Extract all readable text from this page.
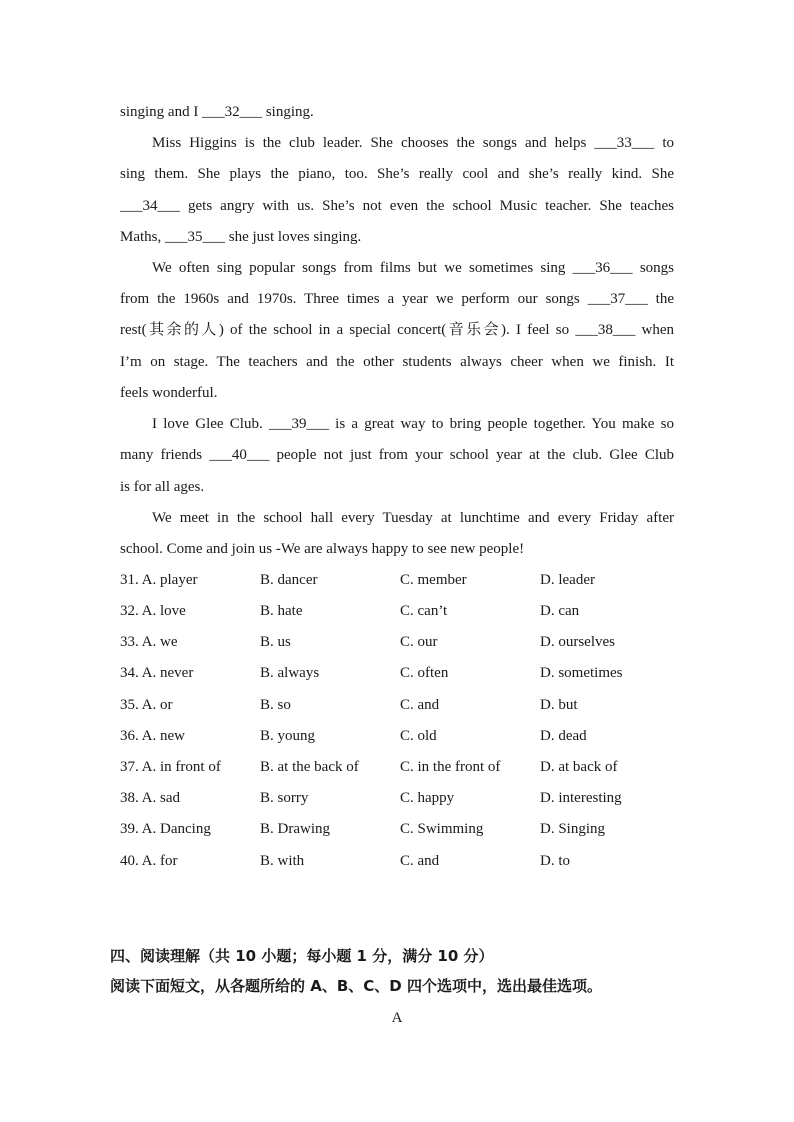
singing and I ___32___ singing.
Miss Higgins is the club leader. She chooses the songs and helps ___33___ to
sing them. She plays the piano, too. She’s really cool and she’s really kind. She
___34___ gets angry with us. She’s not even the school Music teacher. She teaches
Maths, ___35___ she just loves singing.
We often sing popular songs from films but we sometimes sing ___36___ songs
from the 1960s and 1970s. Three times a year we perform our songs ___37___ the
rest(其余的人) of the school in a special concert(音乐会). I feel so ___38___ when
I’m on stage. The teachers and the other students always cheer when we finish. It
feels wonderful.
I love Glee Club. ___39___ is a great way to bring people together. You make so
many friends ___40___ people not just from your school year at the club. Glee Club
is for all ages.
We meet in the school hall every Tuesday at lunchtime and every Friday after
school. Come and join us -We are always happy to see new people!
31. A. player	B. dancer	C. member	D. leader
32. A. love	B. hate	C. can’t	D. can
33. A. we	B. us	C. our	D. ourselves
34. A. never	B. always	C. often	D. sometimes
35. A. or	B. so	C. and	D. but
36. A. new	B. young	C. old	D. dead
37. A. in front of	B. at the back of	C. in the front of	D. at back of
38. A. sad	B. sorry	C. happy	D. interesting
39. A. Dancing	B. Drawing	C. Swimming	D. Singing
40. A. for	B. with	C. and	D. to
四、阅读理解（共 10 小题；每小题 1 分，满分 10 分）
阅读下面短文，从各题所给的 A、B、C、D 四个选项中，选出最佳选项。
A
